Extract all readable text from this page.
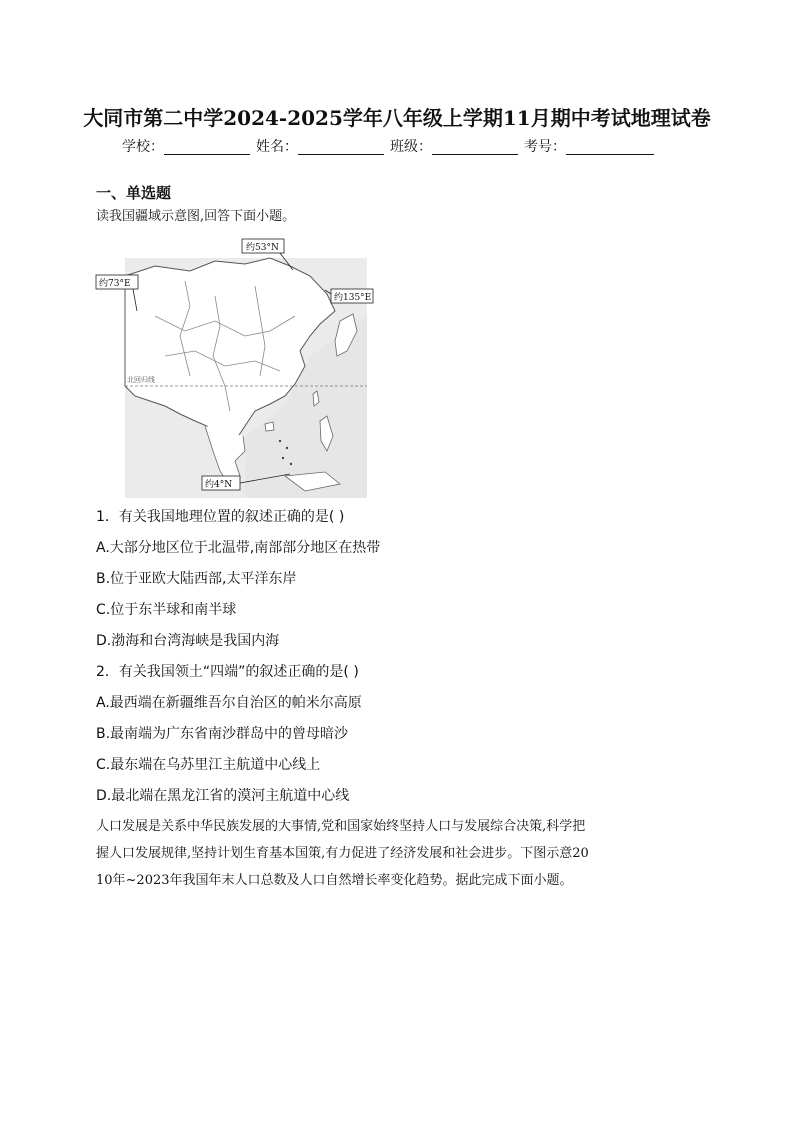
大同市第二中学2024-2025学年八年级上学期11月期中考试地理试卷
学校：	姓名：	班级：	考号：
一、单选题
读我国疆域示意图,回答下面小题。
北回归线
约53°N
约73°E
约135°E
约4°N
1．有关我国地理位置的叙述正确的是( )
A.大部分地区位于北温带,南部部分地区在热带
B.位于亚欧大陆西部,太平洋东岸
C.位于东半球和南半球
D.渤海和台湾海峡是我国内海
2．有关我国领土“四端”的叙述正确的是( )
A.最西端在新疆维吾尔自治区的帕米尔高原
B.最南端为广东省南沙群岛中的曾母暗沙
C.最东端在乌苏里江主航道中心线上
D.最北端在黑龙江省的漠河主航道中心线
人口发展是关系中华民族发展的大事情,党和国家始终坚持人口与发展综合决策,科学把
握人口发展规律,坚持计划生育基本国策,有力促进了经济发展和社会进步。下图示意20
10年~2023年我国年末人口总数及人口自然增长率变化趋势。据此完成下面小题。
